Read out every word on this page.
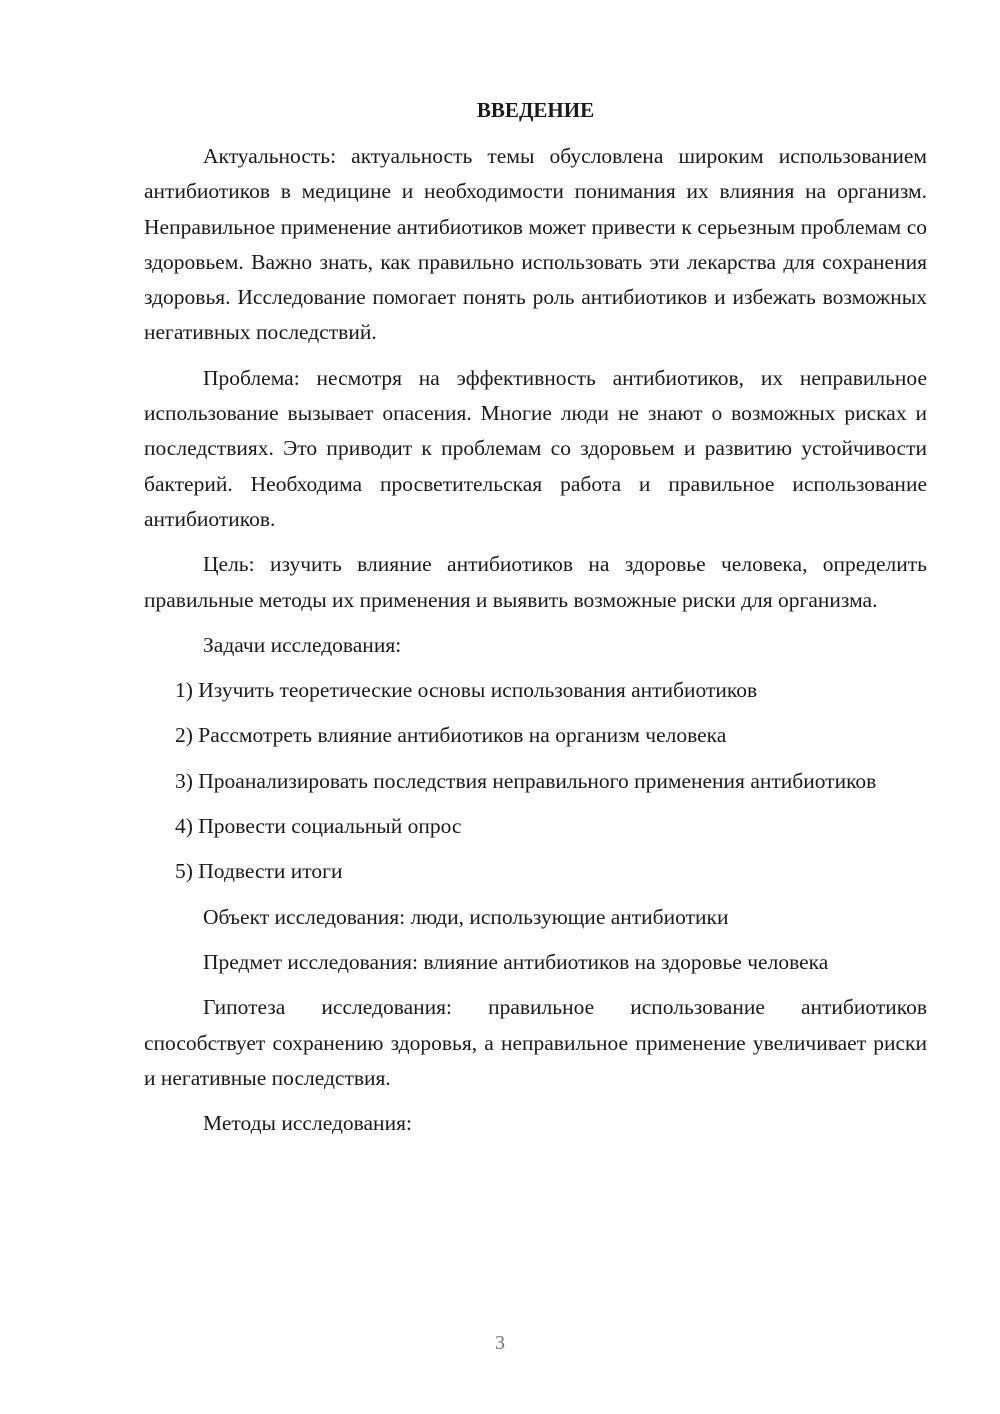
ВВЕДЕНИЕ

Актуальность: актуальность темы обусловлена широким использованием антибиотиков в медицине и необходимости понимания их влияния на организм. Неправильное применение антибиотиков может привести к серьезным проблемам со здоровьем. Важно знать, как правильно использовать эти лекарства для сохранения здоровья. Исследование помогает понять роль антибиотиков и избежать возможных негативных последствий.

Проблема: несмотря на эффективность антибиотиков, их неправильное использование вызывает опасения. Многие люди не знают о возможных рисках и последствиях. Это приводит к проблемам со здоровьем и развитию устойчивости бактерий. Необходима просветительская работа и правильное использование антибиотиков.

Цель: изучить влияние антибиотиков на здоровье человека, определить правильные методы их применения и выявить возможные риски для организма.

Задачи исследования:

1) Изучить теоретические основы использования антибиотиков

2) Рассмотреть влияние антибиотиков на организм человека

3) Проанализировать последствия неправильного применения антибиотиков

4) Провести социальный опрос

5) Подвести итоги

Объект исследования: люди, использующие антибиотики

Предмет исследования: влияние антибиотиков на здоровье человека

Гипотеза исследования: правильное использование антибиотиков способствует сохранению здоровья, а неправильное применение увеличивает риски и негативные последствия.

Методы исследования:

3
